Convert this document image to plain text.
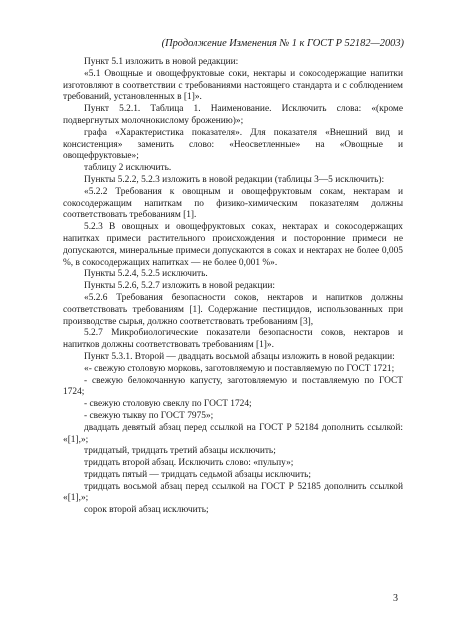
(Продолжение Изменения № 1 к ГОСТ Р 52182—2003)

Пункт 5.1 изложить в новой редакции:

«5.1 Овощные и овощефруктовые соки, нектары и сокосодержащие напитки изготовляют в соответствии с требованиями настоящего стандарта и с соблюдением требований, установленных в [1]».

Пункт 5.2.1. Таблица 1. Наименование. Исключить слова: «(кроме подвергнутых молочнокислому брожению)»;

графа «Характеристика показателя». Для показателя «Внешний вид и консистенция» заменить слово: «Неосветленные» на «Овощные и овощефруктовые»;

таблицу 2 исключить.

Пункты 5.2.2, 5.2.3 изложить в новой редакции (таблицы 3—5 исключить):

«5.2.2 Требования к овощным и овощефруктовым сокам, нектарам и сокосодержащим напиткам по физико-химическим показателям должны соответствовать требованиям [1].

5.2.3 В овощных и овощефруктовых соках, нектарах и сокосодержащих напитках примеси растительного происхождения и посторонние примеси не допускаются, минеральные примеси допускаются в соках и нектарах не более 0,005 %, в сокосодержащих напитках — не более 0,001 %».

Пункты 5.2.4, 5.2.5 исключить.

Пункты 5.2.6, 5.2.7 изложить в новой редакции:

«5.2.6 Требования безопасности соков, нектаров и напитков должны соответствовать требованиям [1]. Содержание пестицидов, использованных при производстве сырья, должно соответствовать требованиям [3],

5.2.7 Микробиологические показатели безопасности соков, нектаров и напитков должны соответствовать требованиям [1]».

Пункт 5.3.1. Второй — двадцать восьмой абзацы изложить в новой редакции:

«- свежую столовую морковь, заготовляемую и поставляемую по ГОСТ 1721;

- свежую белокочанную капусту, заготовляемую и поставляемую по ГОСТ 1724;

- свежую столовую свеклу по ГОСТ 1724;

- свежую тыкву по ГОСТ 7975»;

двадцать девятый абзац перед ссылкой на ГОСТ Р 52184 дополнить ссылкой: «[1],»;

тридцатый, тридцать третий абзацы исключить;

тридцать второй абзац. Исключить слово: «пульпу»;

тридцать пятый — тридцать седьмой абзацы исключить;

тридцать восьмой абзац перед ссылкой на ГОСТ Р 52185 дополнить ссылкой «[1],»;

сорок второй абзац исключить;

3
